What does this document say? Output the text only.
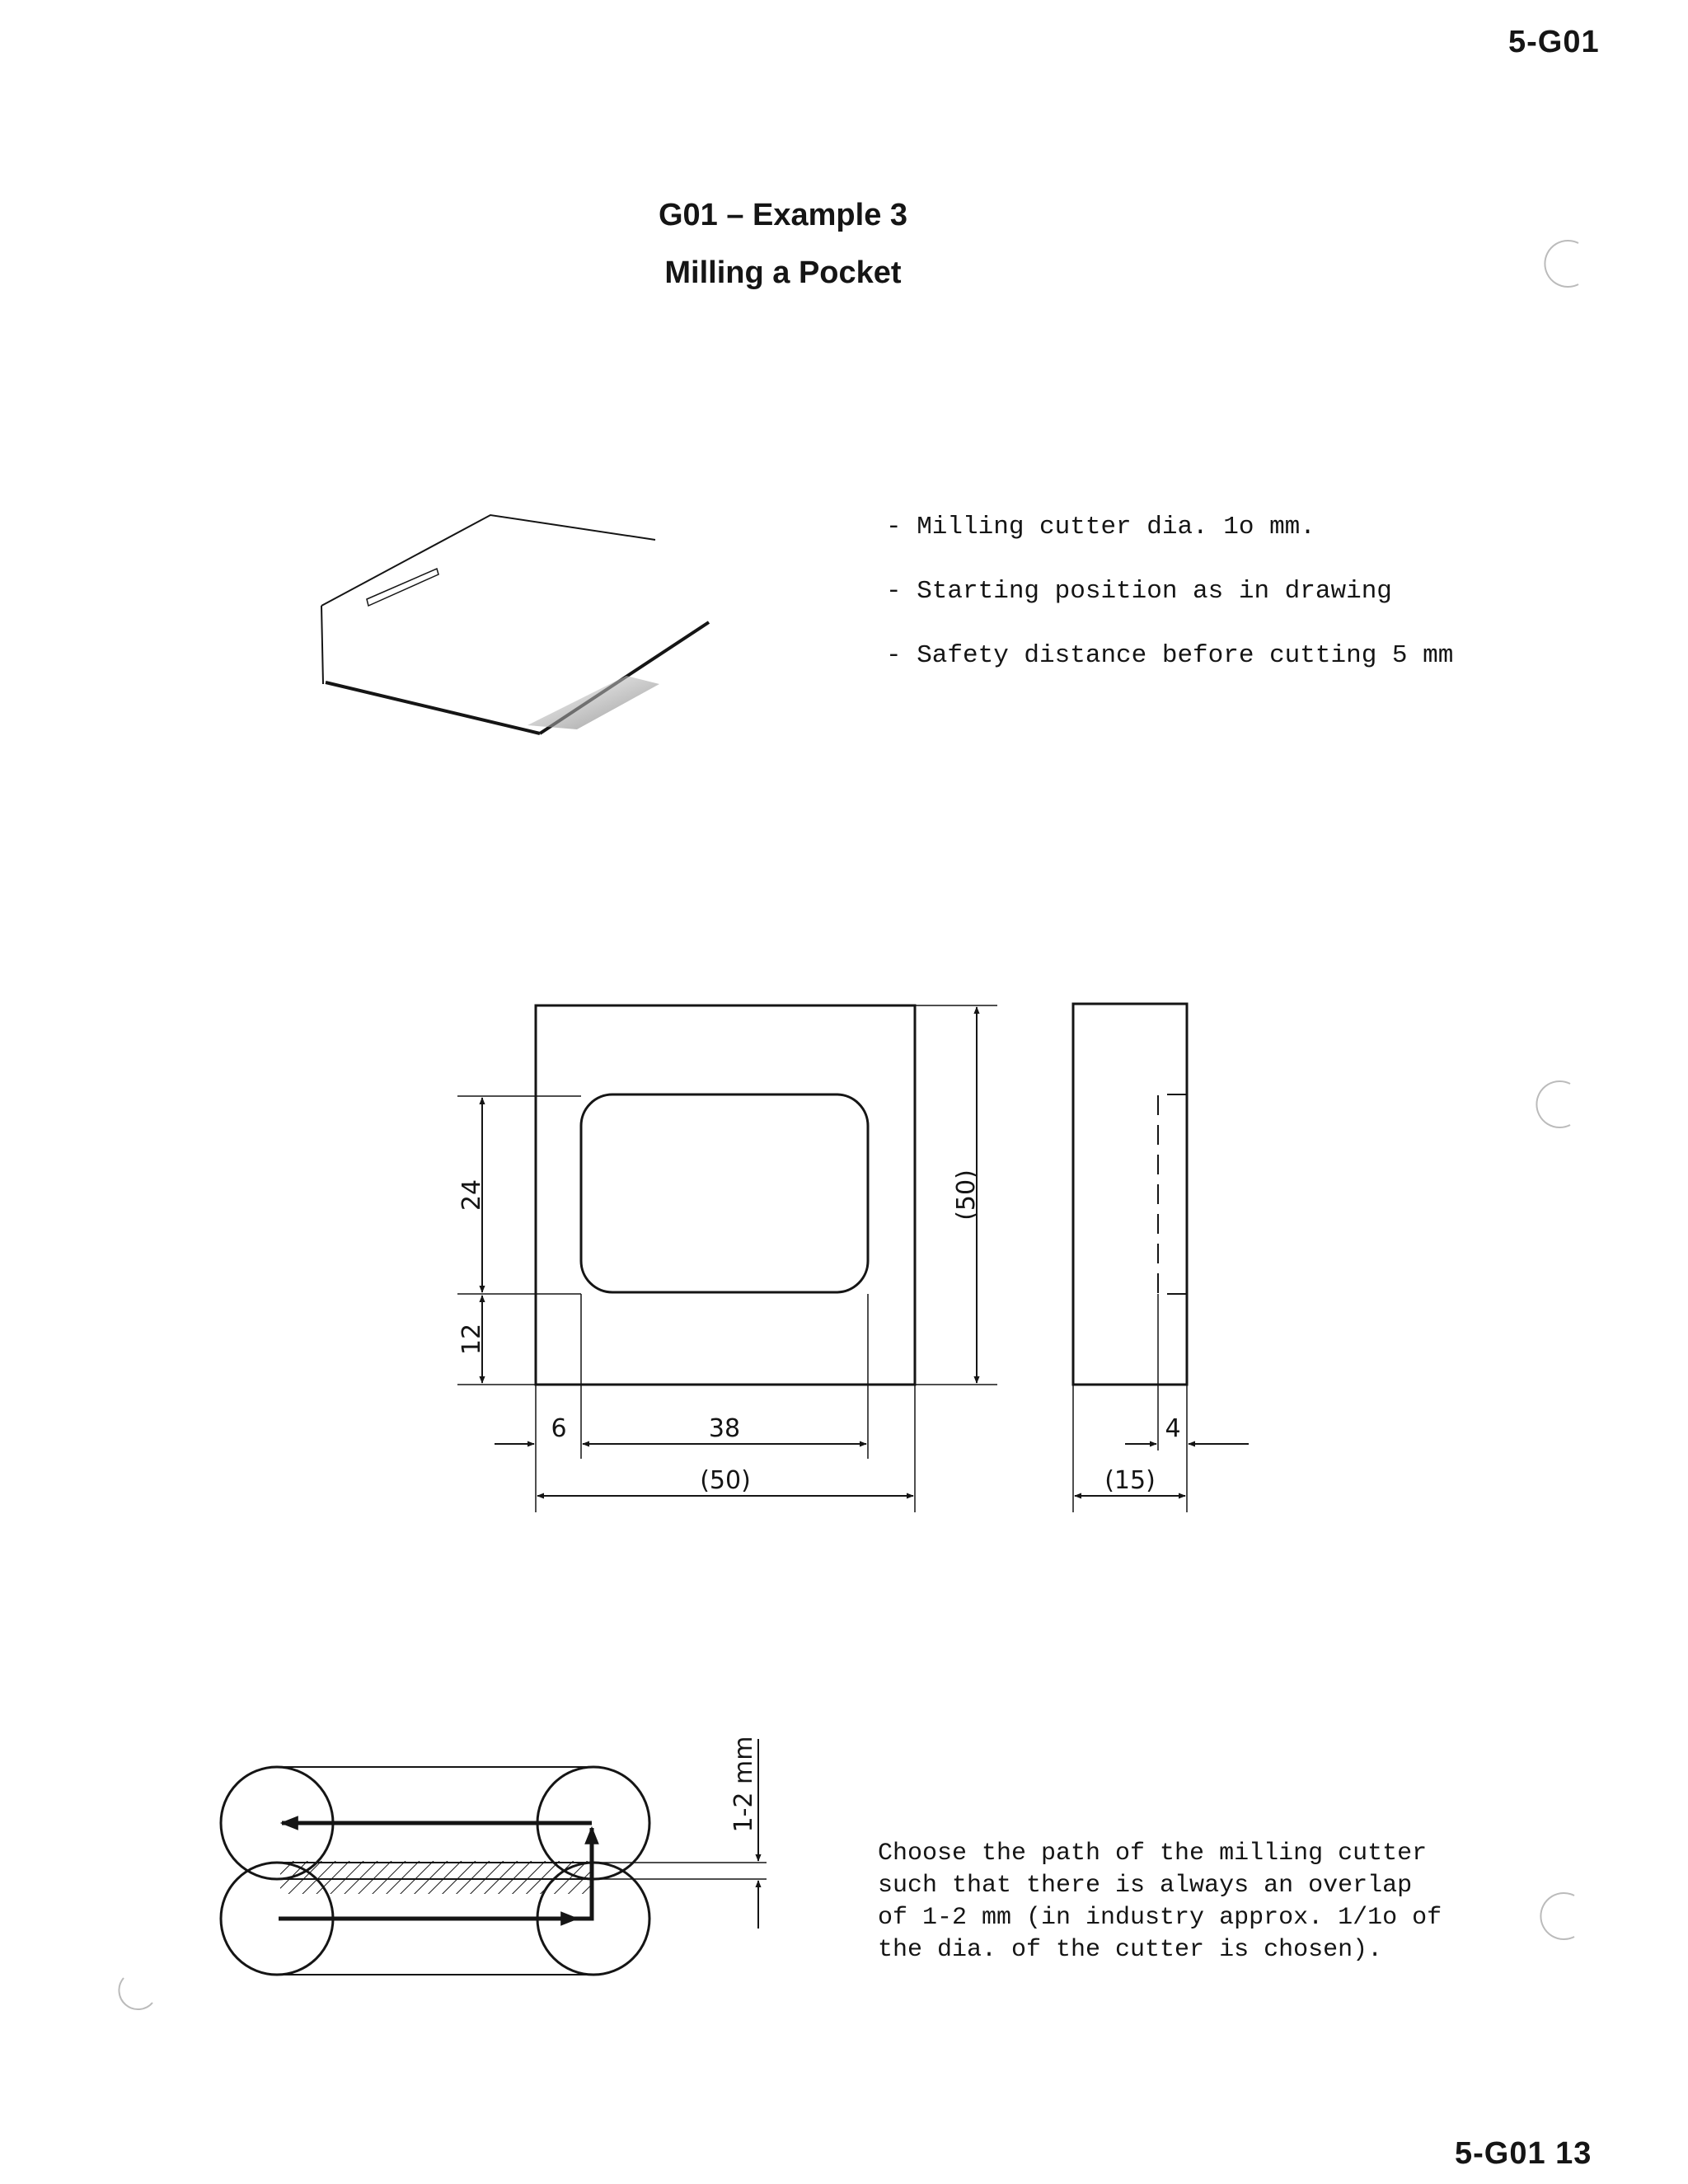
5-G01
G01 – Example 3
Milling a Pocket
- Milling cutter dia. 1o mm.
- Starting position as in drawing
- Safety distance before cutting 5 mm
24
12
(50)
6	38
(50)
4
(15)
1-2 mm
Choose the path of the milling cutter
such that there is always an overlap
of 1-2 mm (in industry approx. 1/1o of
the dia. of the cutter is chosen).
5-G01 13
